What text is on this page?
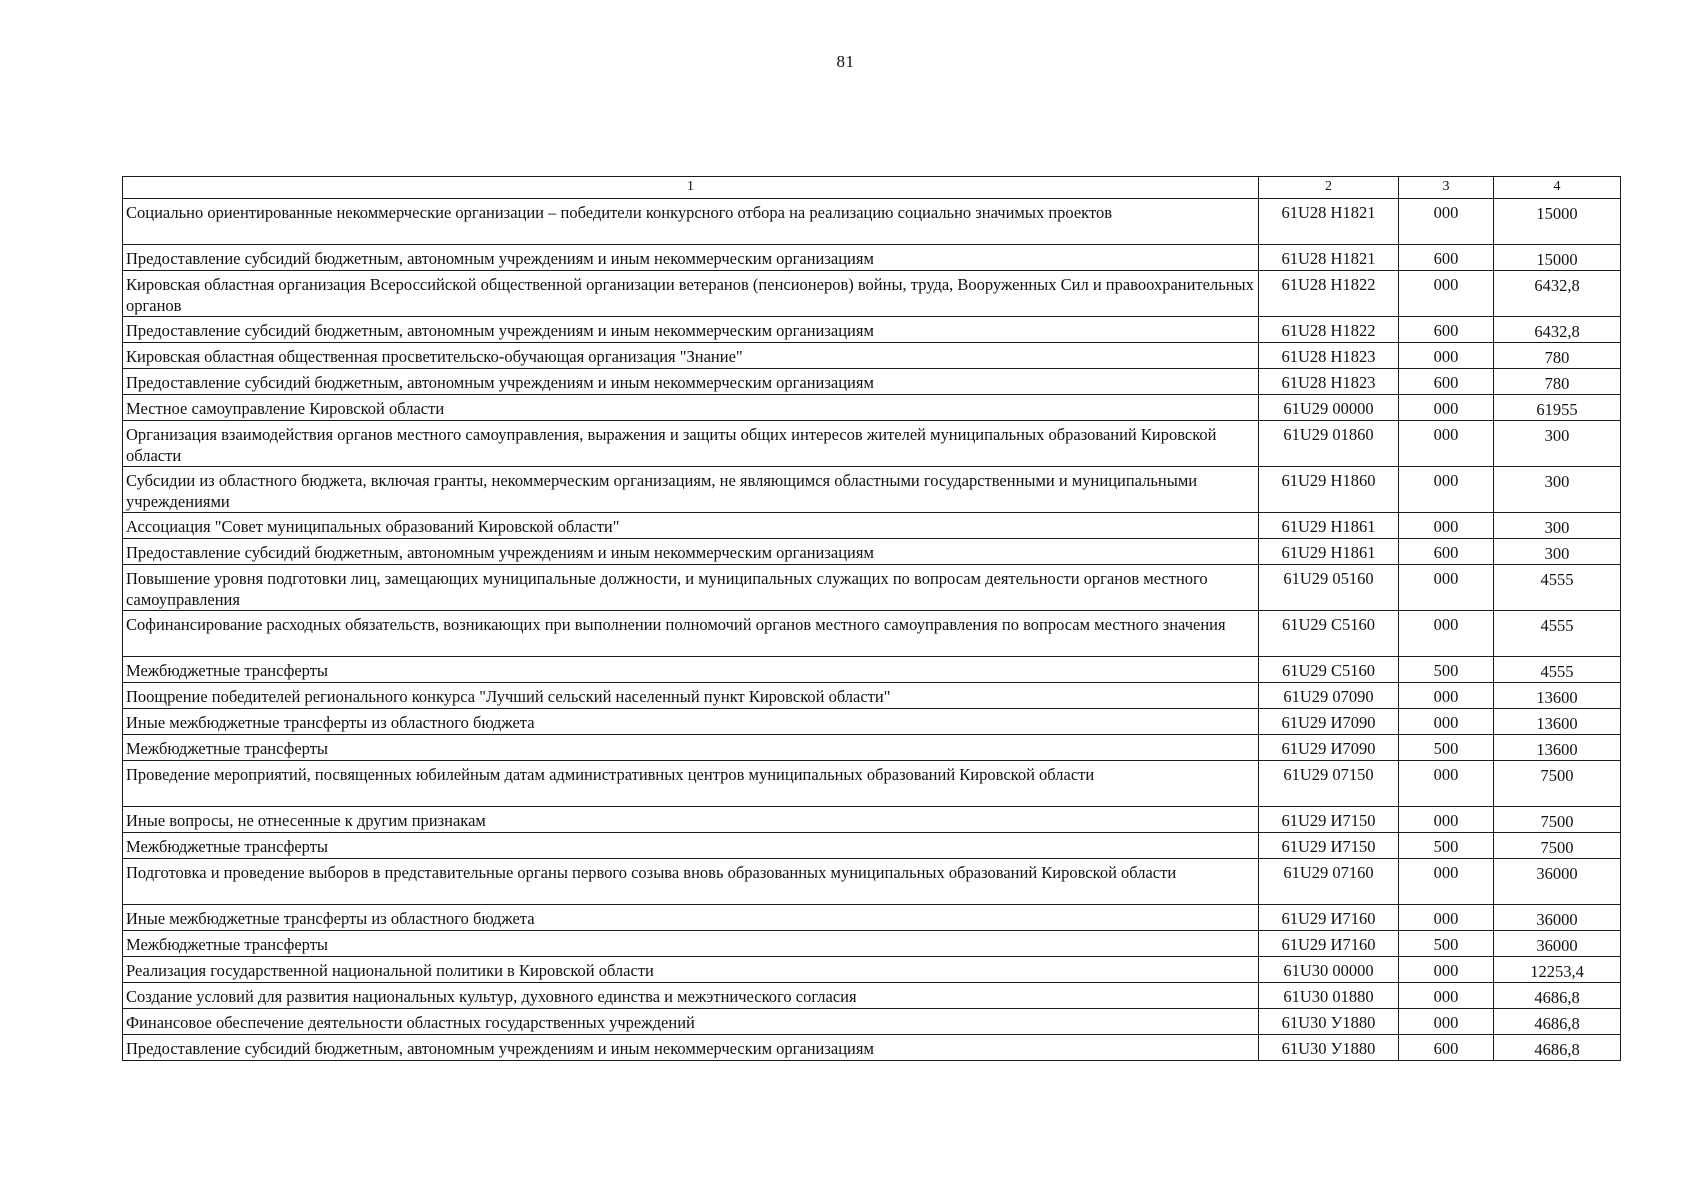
81
1	2	3	4
Социально ориентированные некоммерческие организации – победители конкурсного отбора на реализацию социально значимых проектов	61U28 H1821	000	15000
Предоставление субсидий бюджетным, автономным учреждениям и иным некоммерческим организациям	61U28 H1821	600	15000
Кировская областная организация Всероссийской общественной организации ветеранов (пенсионеров) войны, труда, Вооруженных Сил и правоохранительных органов	61U28 H1822	000	6432,8
Предоставление субсидий бюджетным, автономным учреждениям и иным некоммерческим организациям	61U28 H1822	600	6432,8
Кировская областная общественная просветительско-обучающая организация "Знание"	61U28 H1823	000	780
Предоставление субсидий бюджетным, автономным учреждениям и иным некоммерческим организациям	61U28 H1823	600	780
Местное самоуправление Кировской области	61U29 00000	000	61955
Организация взаимодействия органов местного самоуправления, выражения и защиты общих интересов жителей муниципальных образований Кировской области	61U29 01860	000	300
Субсидии из областного бюджета, включая гранты, некоммерческим организациям, не являющимся областными государственными и муниципальными учреждениями	61U29 H1860	000	300
Ассоциация "Совет муниципальных образований Кировской области"	61U29 H1861	000	300
Предоставление субсидий бюджетным, автономным учреждениям и иным некоммерческим организациям	61U29 H1861	600	300
Повышение уровня подготовки лиц, замещающих муниципальные должности, и муниципальных служащих по вопросам деятельности органов местного самоуправления	61U29 05160	000	4555
Софинансирование расходных обязательств, возникающих при выполнении полномочий органов местного самоуправления по вопросам местного значения	61U29 C5160	000	4555
Межбюджетные трансферты	61U29 C5160	500	4555
Поощрение победителей регионального конкурса "Лучший сельский населенный пункт Кировской области"	61U29 07090	000	13600
Иные межбюджетные трансферты из областного бюджета	61U29 И7090	000	13600
Межбюджетные трансферты	61U29 И7090	500	13600
Проведение мероприятий, посвященных юбилейным датам административных центров муниципальных образований Кировской области	61U29 07150	000	7500
Иные вопросы, не отнесенные к другим признакам	61U29 И7150	000	7500
Межбюджетные трансферты	61U29 И7150	500	7500
Подготовка и проведение выборов в представительные органы первого созыва вновь образованных муниципальных образований Кировской области	61U29 07160	000	36000
Иные межбюджетные трансферты из областного бюджета	61U29 И7160	000	36000
Межбюджетные трансферты	61U29 И7160	500	36000
Реализация государственной национальной политики в Кировской области	61U30 00000	000	12253,4
Создание условий для развития национальных культур, духовного единства и межэтнического согласия	61U30 01880	000	4686,8
Финансовое обеспечение деятельности областных государственных учреждений	61U30 У1880	000	4686,8
Предоставление субсидий бюджетным, автономным учреждениям и иным некоммерческим организациям	61U30 У1880	600	4686,8
